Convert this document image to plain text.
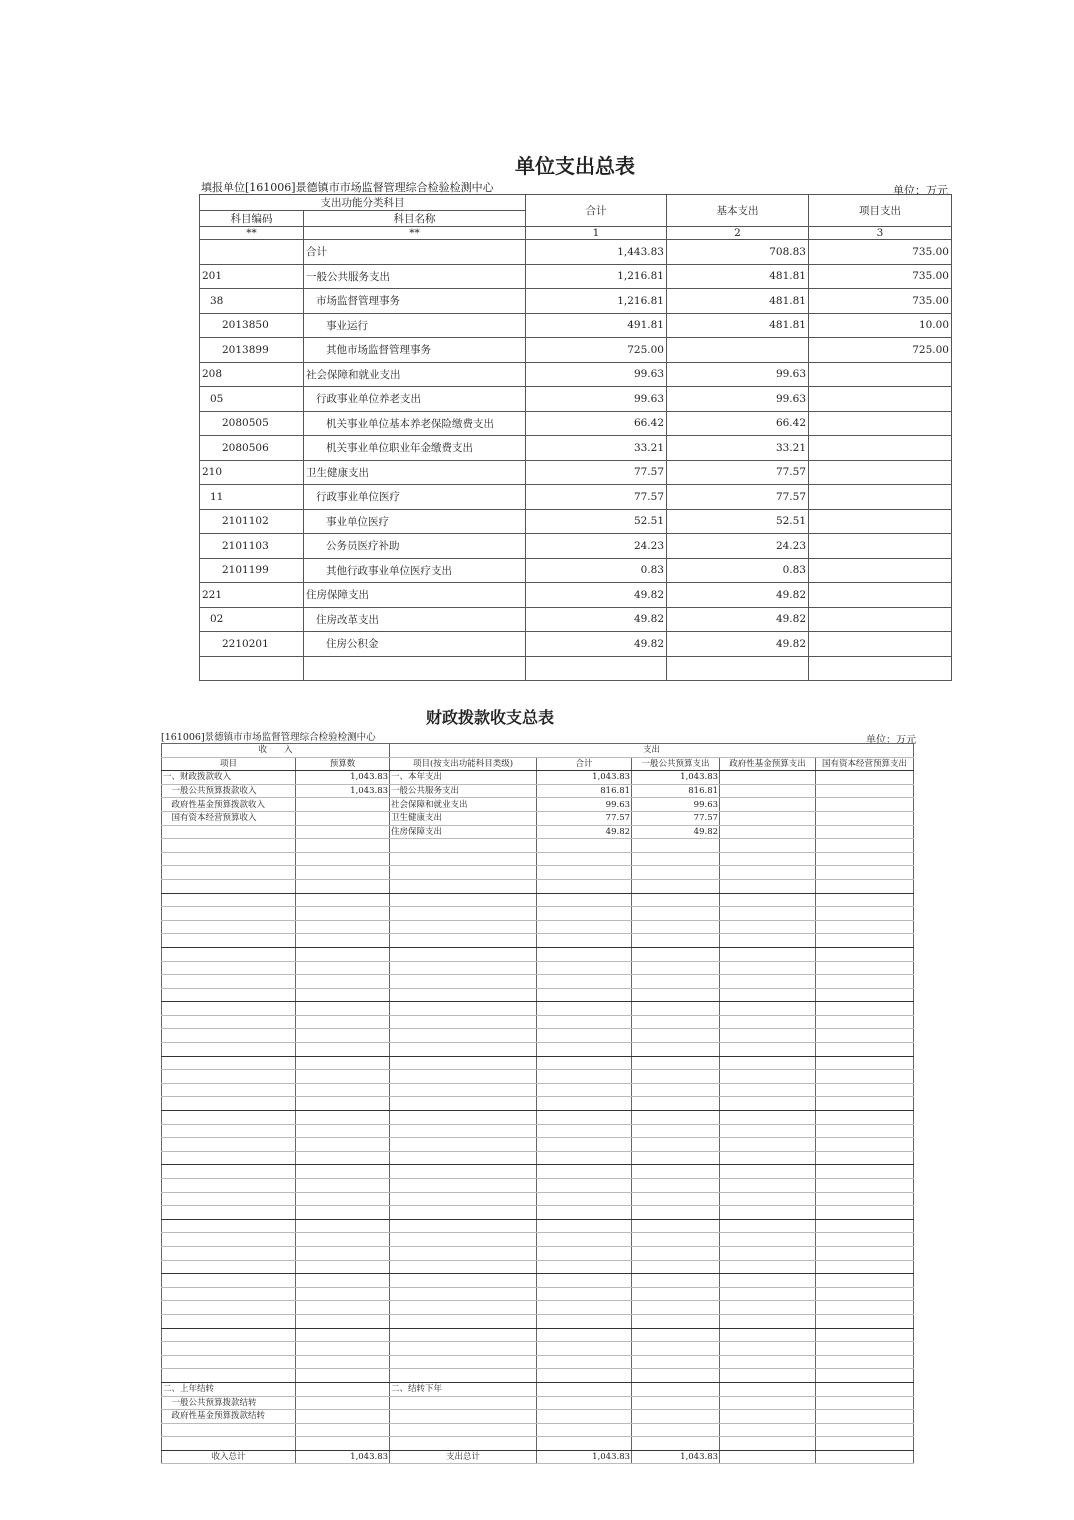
单位支出总表
填报单位[161006]景德镇市市场监督管理综合检验检测中心	单位：万元
支出功能分类科目		合计	基本支出	项目支出
科目编码	科目名称			
**	**	1	2	3
	合计	1,443.83	708.83	735.00
201	一般公共服务支出	1,216.81	481.81	735.00
38	市场监督管理事务	1,216.81	481.81	735.00
2013850	事业运行	491.81	481.81	10.00
2013899	其他市场监督管理事务	725.00		725.00
208	社会保障和就业支出	99.63	99.63	
05	行政事业单位养老支出	99.63	99.63	
2080505	机关事业单位基本养老保险缴费支出	66.42	66.42	
2080506	机关事业单位职业年金缴费支出	33.21	33.21	
210	卫生健康支出	77.57	77.57	
11	行政事业单位医疗	77.57	77.57	
2101102	事业单位医疗	52.51	52.51	
2101103	公务员医疗补助	24.23	24.23	
2101199	其他行政事业单位医疗支出	0.83	0.83	
221	住房保障支出	49.82	49.82	
02	住房改革支出	49.82	49.82	
2210201	住房公积金	49.82	49.82	

财政拨款收支总表
[161006]景德镇市市场监督管理综合检验检测中心	单位：万元
收　　入		支出				
项目	预算数	项目(按支出功能科目类级)	合计	一般公共预算支出	政府性基金预算支出	国有资本经营预算支出
一、财政拨款收入	1,043.83	一、本年支出	1,043.83	1,043.83		
　一般公共预算拨款收入	1,043.83	一般公共服务支出	816.81	816.81		
　政府性基金预算拨款收入		社会保障和就业支出	99.63	99.63		
　国有资本经营预算收入		卫生健康支出	77.57	77.57		
		住房保障支出	49.82	49.82		

二、上年结转		二、结转下年				
　一般公共预算拨款结转						
　政府性基金预算拨款结转						

收入总计	1,043.83	支出总计	1,043.83	1,043.83		
